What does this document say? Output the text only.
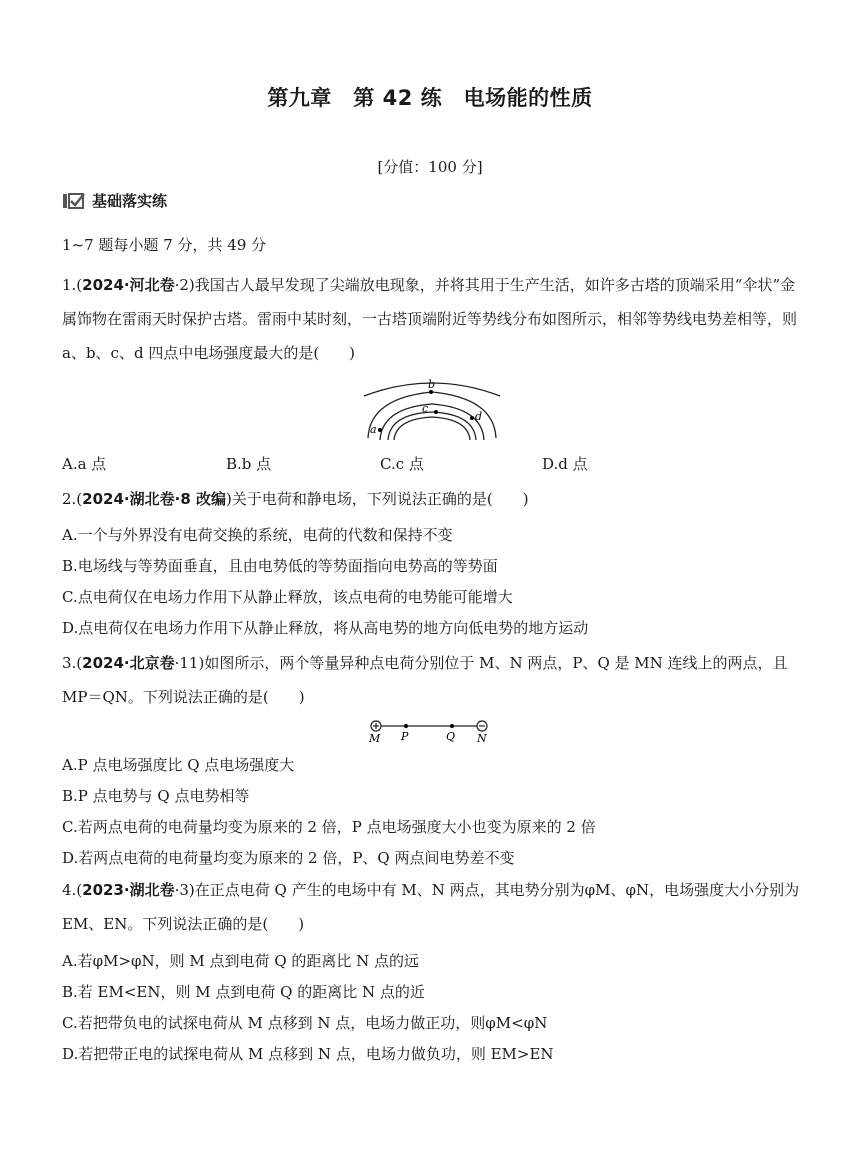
第九章　第 42 练　电场能的性质
[分值：100 分]
基础落实练
1~7 题每小题 7 分，共 49 分
1.(2024·河北卷·2)我国古人最早发现了尖端放电现象，并将其用于生产生活，如许多古塔的顶端采用“伞状”金属饰物在雷雨天时保护古塔。雷雨中某时刻，一古塔顶端附近等势线分布如图所示，相邻等势线电势差相等，则 a、b、c、d 四点中电场强度最大的是(　　)
b
a
c
d
A.a 点	B.b 点	C.c 点	D.d 点
2.(2024·湖北卷·8 改编)关于电荷和静电场，下列说法正确的是(　　)
A.一个与外界没有电荷交换的系统，电荷的代数和保持不变
B.电场线与等势面垂直，且由电势低的等势面指向电势高的等势面
C.点电荷仅在电场力作用下从静止释放，该点电荷的电势能可能增大
D.点电荷仅在电场力作用下从静止释放，将从高电势的地方向低电势的地方运动
3.(2024·北京卷·11)如图所示，两个等量异种点电荷分别位于 M、N 两点，P、Q 是 MN 连线上的两点，且 MP＝QN。下列说法正确的是(　　)
M P	Q N
A.P 点电场强度比 Q 点电场强度大
B.P 点电势与 Q 点电势相等
C.若两点电荷的电荷量均变为原来的 2 倍，P 点电场强度大小也变为原来的 2 倍
D.若两点电荷的电荷量均变为原来的 2 倍，P、Q 两点间电势差不变
4.(2023·湖北卷·3)在正点电荷 Q 产生的电场中有 M、N 两点，其电势分别为φM、φN，电场强度大小分别为 EM、EN。下列说法正确的是(　　)
A.若φM>φN，则 M 点到电荷 Q 的距离比 N 点的远
B.若 EM<EN，则 M 点到电荷 Q 的距离比 N 点的近
C.若把带负电的试探电荷从 M 点移到 N 点，电场力做正功，则φM<φN
D.若把带正电的试探电荷从 M 点移到 N 点，电场力做负功，则 EM>EN
